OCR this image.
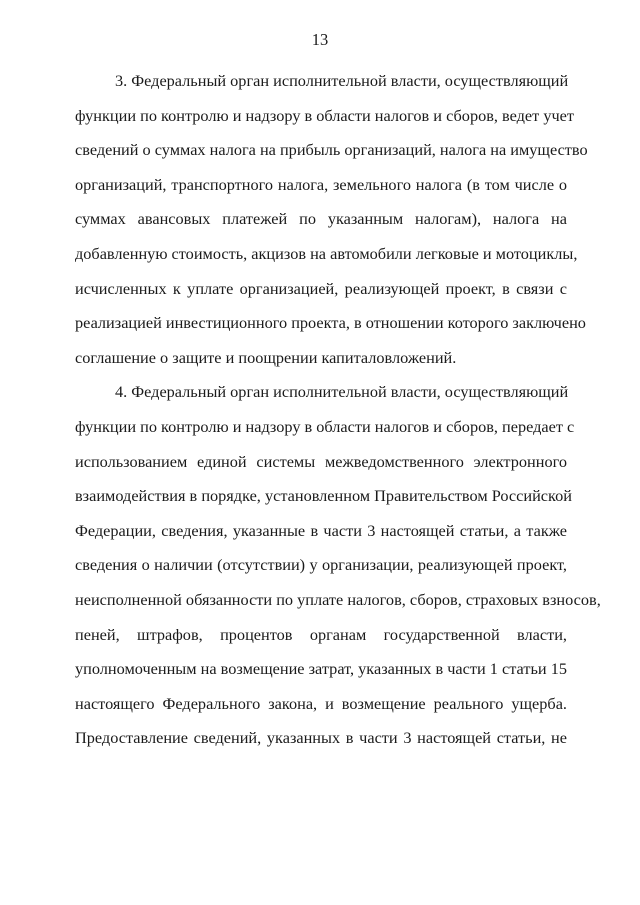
13
3. Федеральный орган исполнительной власти, осуществляющий
функции по контролю и надзору в области налогов и сборов, ведет учет
сведений о суммах налога на прибыль организаций, налога на имущество
организаций, транспортного налога, земельного налога (в том числе о
суммах авансовых платежей по указанным налогам), налога на
добавленную стоимость, акцизов на автомобили легковые и мотоциклы,
исчисленных к уплате организацией, реализующей проект, в связи с
реализацией инвестиционного проекта, в отношении которого заключено
соглашение о защите и поощрении капиталовложений.
4. Федеральный орган исполнительной власти, осуществляющий
функции по контролю и надзору в области налогов и сборов, передает с
использованием единой системы межведомственного электронного
взаимодействия в порядке, установленном Правительством Российской
Федерации, сведения, указанные в части 3 настоящей статьи, а также
сведения о наличии (отсутствии) у организации, реализующей проект,
неисполненной обязанности по уплате налогов, сборов, страховых взносов,
пеней, штрафов, процентов органам государственной власти,
уполномоченным на возмещение затрат, указанных в части 1 статьи 15
настоящего Федерального закона, и возмещение реального ущерба.
Предоставление сведений, указанных в части 3 настоящей статьи, не
